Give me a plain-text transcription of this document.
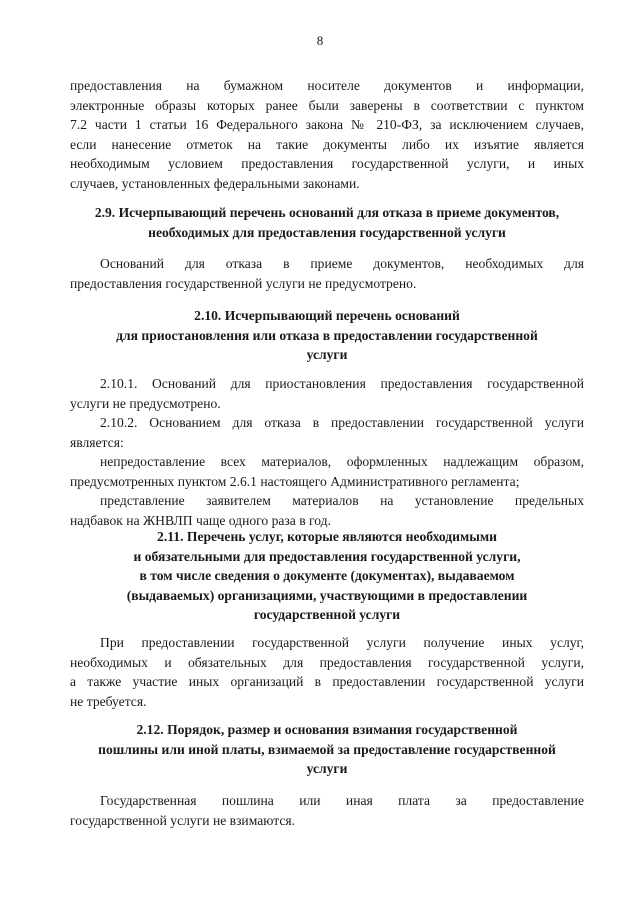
8

предоставления на бумажном носителе документов и информации,

электронные образы которых ранее были заверены в соответствии с пунктом

7.2 части 1 статьи 16 Федерального закона № 210-ФЗ, за исключением случаев,

если нанесение отметок на такие документы либо их изъятие является

необходимым условием предоставления государственной услуги, и иных

случаев, установленных федеральными законами.

2.9. Исчерпывающий перечень оснований для отказа в приеме документов,
необходимых для предоставления государственной услуги

Оснований для отказа в приеме документов, необходимых для

предоставления государственной услуги не предусмотрено.

2.10. Исчерпывающий перечень оснований
для приостановления или отказа в предоставлении государственной
услуги

2.10.1. Оснований для приостановления предоставления государственной

услуги не предусмотрено.

2.10.2. Основанием для отказа в предоставлении государственной услуги

является:

непредоставление всех материалов, оформленных надлежащим образом,

предусмотренных пунктом 2.6.1 настоящего Административного регламента;

представление заявителем материалов на установление предельных

надбавок на ЖНВЛП чаще одного раза в год.

2.11. Перечень услуг, которые являются необходимыми
и обязательными для предоставления государственной услуги,
в том числе сведения о документе (документах), выдаваемом
(выдаваемых) организациями, участвующими в предоставлении
государственной услуги

При предоставлении государственной услуги получение иных услуг,

необходимых и обязательных для предоставления государственной услуги,

а также участие иных организаций в предоставлении государственной услуги

не требуется.

2.12. Порядок, размер и основания взимания государственной
пошлины или иной платы, взимаемой за предоставление государственной
услуги

Государственная пошлина или иная плата за предоставление

государственной услуги не взимаются.
